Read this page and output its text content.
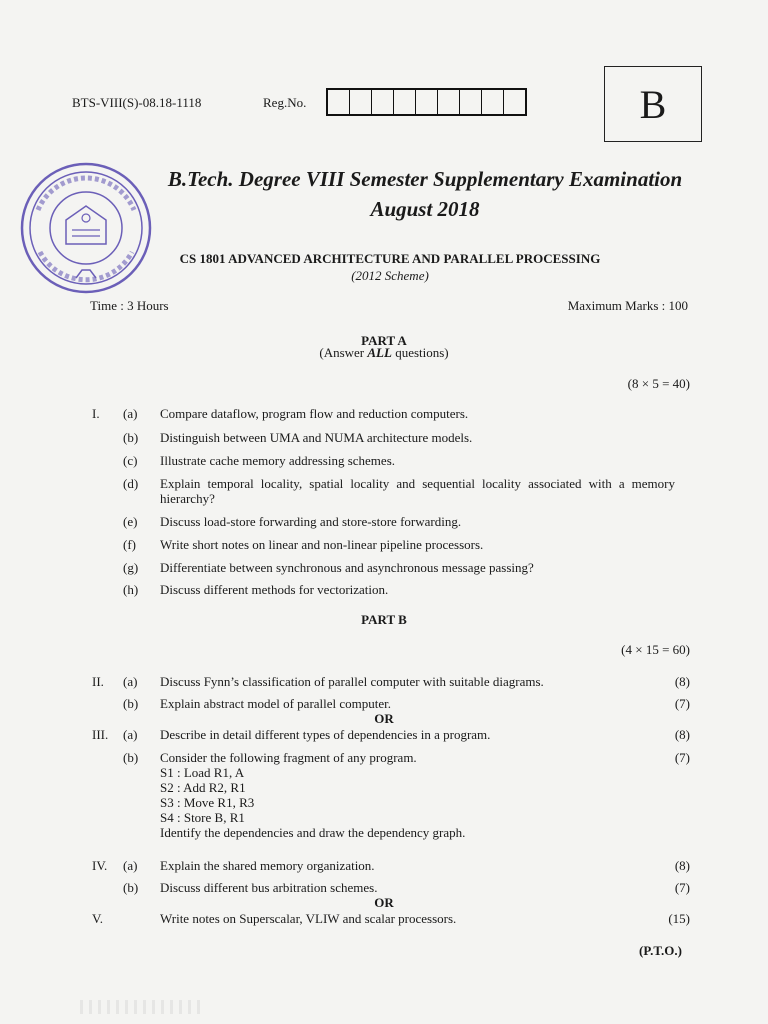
BTS-VIII(S)-08.18-1118	Reg.No.	B
B.Tech. Degree VIII Semester Supplementary Examination
August 2018
CS 1801 ADVANCED ARCHITECTURE AND PARALLEL PROCESSING
(2012 Scheme)
Time : 3 Hours	Maximum Marks : 100
PART A
(Answer ALL questions)
(8 × 5 = 40)
I. (a) Compare dataflow, program flow and reduction computers.
(b) Distinguish between UMA and NUMA architecture models.
(c) Illustrate cache memory addressing schemes.
(d) Explain temporal locality, spatial locality and sequential locality associated with a memory hierarchy?
(e) Discuss load-store forwarding and store-store forwarding.
(f) Write short notes on linear and non-linear pipeline processors.
(g) Differentiate between synchronous and asynchronous message passing?
(h) Discuss different methods for vectorization.
PART B
(4 × 15 = 60)
II. (a) Discuss Fynn’s classification of parallel computer with suitable diagrams.	(8)
(b) Explain abstract model of parallel computer.	(7)
OR
III. (a) Describe in detail different types of dependencies in a program.	(8)
(b) Consider the following fragment of any program.
S1 : Load R1, A
S2 : Add R2, R1
S3 : Move R1, R3
S4 : Store B, R1
Identify the dependencies and draw the dependency graph.
(7)
IV. (a) Explain the shared memory organization.	(8)
(b) Discuss different bus arbitration schemes.	(7)
OR
V.	Write notes on Superscalar, VLIW and scalar processors.	(15)
(P.T.O.)
